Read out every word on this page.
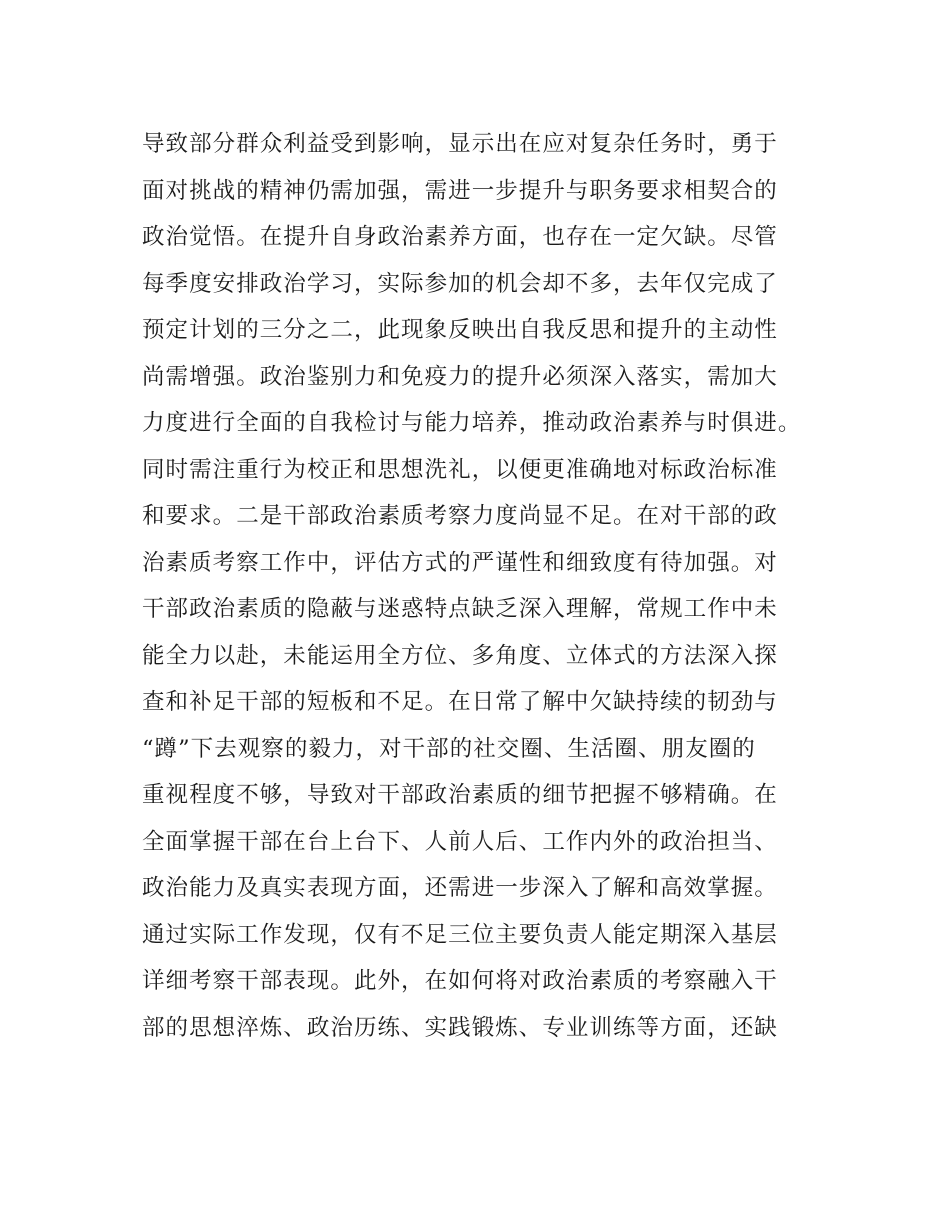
导致部分群众利益受到影响，显示出在应对复杂任务时，勇于
面对挑战的精神仍需加强，需进一步提升与职务要求相契合的
政治觉悟。在提升自身政治素养方面，也存在一定欠缺。尽管
每季度安排政治学习，实际参加的机会却不多，去年仅完成了
预定计划的三分之二，此现象反映出自我反思和提升的主动性
尚需增强。政治鉴别力和免疫力的提升必须深入落实，需加大
力度进行全面的自我检讨与能力培养，推动政治素养与时俱进。
同时需注重行为校正和思想洗礼，以便更准确地对标政治标准
和要求。二是干部政治素质考察力度尚显不足。在对干部的政
治素质考察工作中，评估方式的严谨性和细致度有待加强。对
干部政治素质的隐蔽与迷惑特点缺乏深入理解，常规工作中未
能全力以赴，未能运用全方位、多角度、立体式的方法深入探
查和补足干部的短板和不足。在日常了解中欠缺持续的韧劲与
“蹲”下去观察的毅力，对干部的社交圈、生活圈、朋友圈的
重视程度不够，导致对干部政治素质的细节把握不够精确。在
全面掌握干部在台上台下、人前人后、工作内外的政治担当、
政治能力及真实表现方面，还需进一步深入了解和高效掌握。
通过实际工作发现，仅有不足三位主要负责人能定期深入基层
详细考察干部表现。此外，在如何将对政治素质的考察融入干
部的思想淬炼、政治历练、实践锻炼、专业训练等方面，还缺
